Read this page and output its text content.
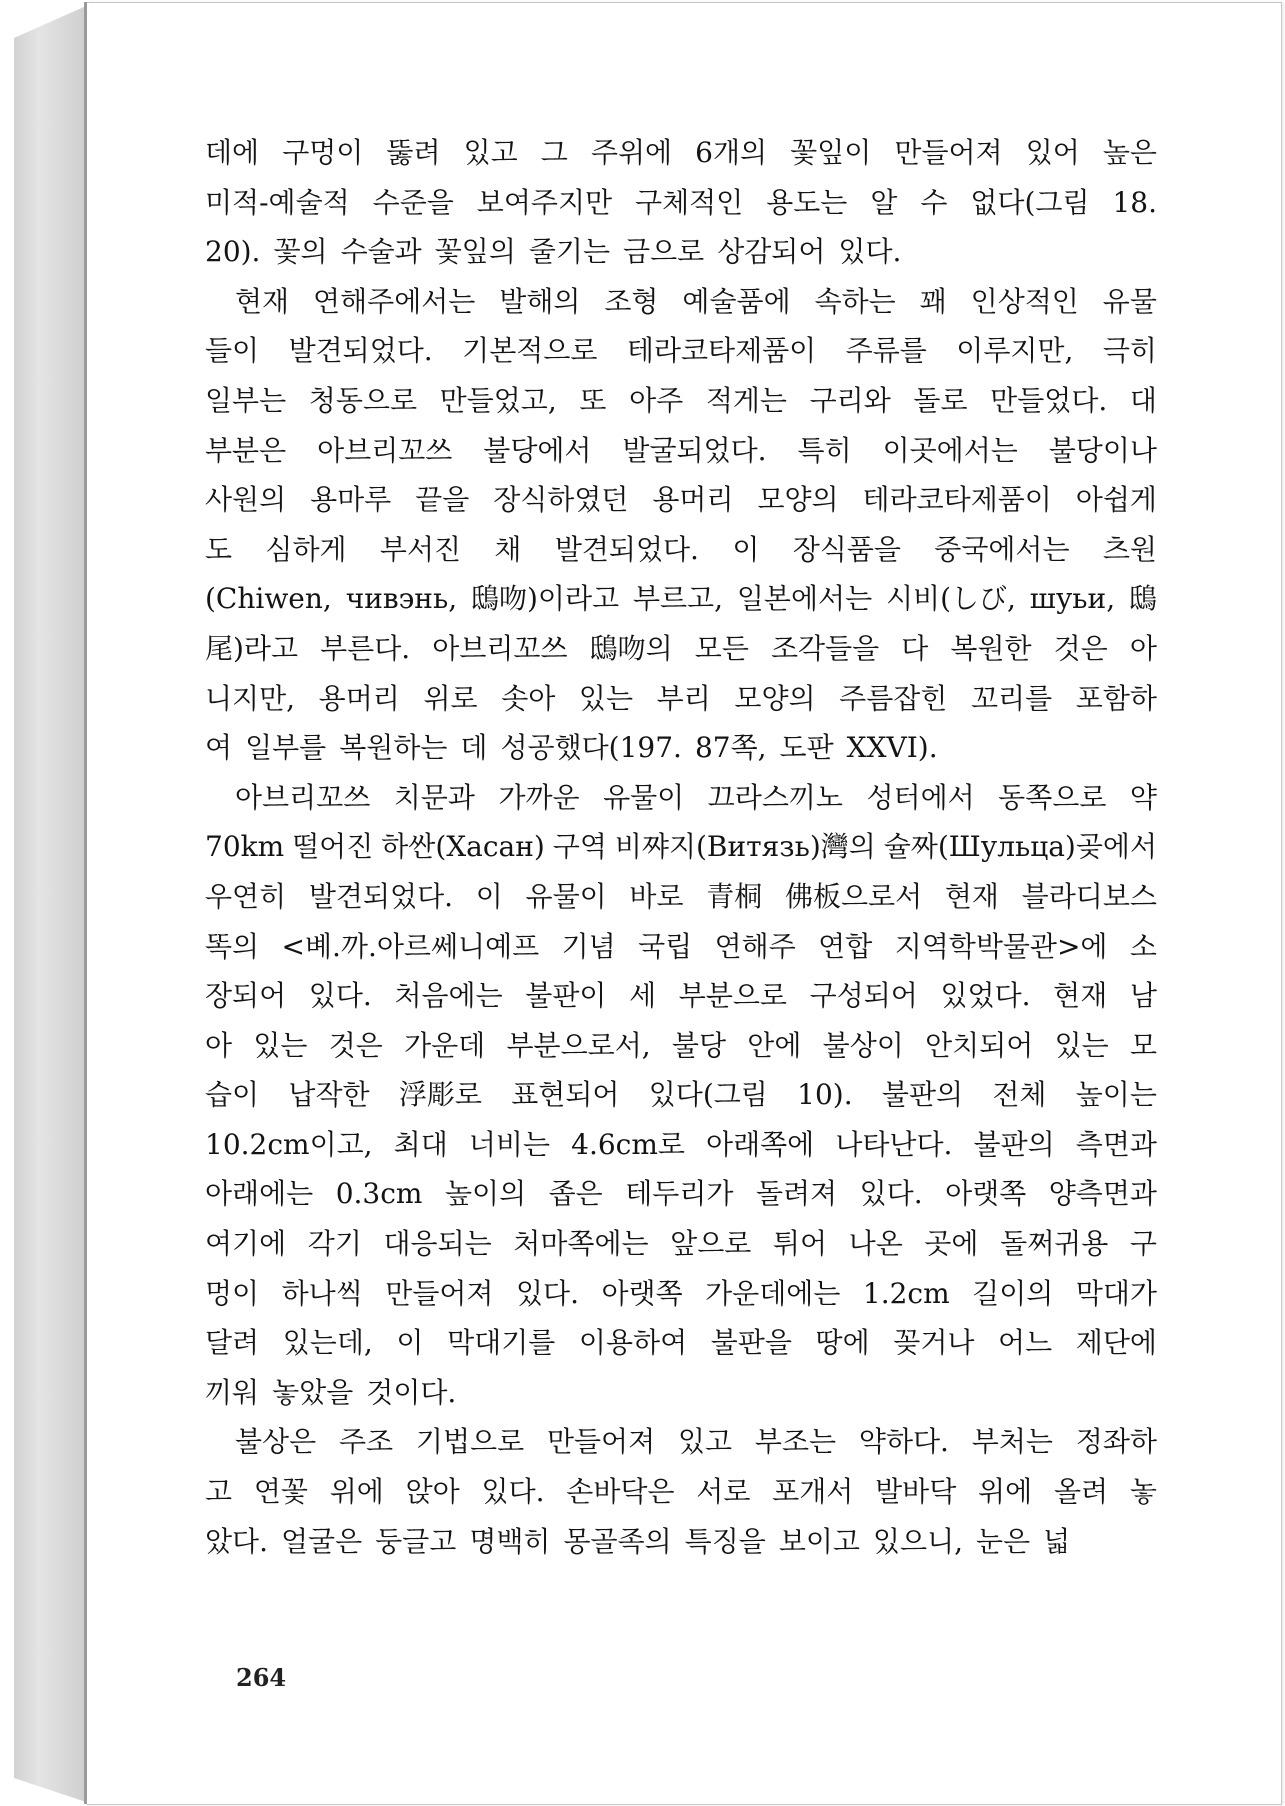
데에 구멍이 뚫려 있고 그 주위에 6개의 꽃잎이 만들어져 있어 높은
미적-예술적 수준을 보여주지만 구체적인 용도는 알 수 없다(그림 18.
20). 꽃의 수술과 꽃잎의 줄기는 금으로 상감되어 있다.
현재 연해주에서는 발해의 조형 예술품에 속하는 꽤 인상적인 유물
들이 발견되었다. 기본적으로 테라코타제품이 주류를 이루지만, 극히
일부는 청동으로 만들었고, 또 아주 적게는 구리와 돌로 만들었다. 대
부분은 아브리꼬쓰 불당에서 발굴되었다. 특히 이곳에서는 불당이나
사원의 용마루 끝을 장식하였던 용머리 모양의 테라코타제품이 아쉽게
도 심하게 부서진 채 발견되었다. 이 장식품을 중국에서는 츠원
(Chiwen, чивэнь, 鴟吻)이라고 부르고, 일본에서는 시비(しび, шуьи, 鴟
尾)라고 부른다. 아브리꼬쓰 鴟吻의 모든 조각들을 다 복원한 것은 아
니지만, 용머리 위로 솟아 있는 부리 모양의 주름잡힌 꼬리를 포함하
여 일부를 복원하는 데 성공했다(197. 87쪽, 도판 XXVI).
아브리꼬쓰 치문과 가까운 유물이 끄라스끼노 성터에서 동쪽으로 약
70km 떨어진 하싼(Хасан) 구역 비쨔지(Витязь)灣의 슐짜(Шульца)곶에서
우연히 발견되었다. 이 유물이 바로 青桐 佛板으로서 현재 블라디보스
똑의 <볘.까.아르쎄니예프 기념 국립 연해주 연합 지역학박물관>에 소
장되어 있다. 처음에는 불판이 세 부분으로 구성되어 있었다. 현재 남
아 있는 것은 가운데 부분으로서, 불당 안에 불상이 안치되어 있는 모
습이 납작한 浮彫로 표현되어 있다(그림 10). 불판의 전체 높이는
10.2cm이고, 최대 너비는 4.6cm로 아래쪽에 나타난다. 불판의 측면과
아래에는 0.3cm 높이의 좁은 테두리가 돌려져 있다. 아랫쪽 양측면과
여기에 각기 대응되는 처마쪽에는 앞으로 튀어 나온 곳에 돌쩌귀용 구
멍이 하나씩 만들어져 있다. 아랫쪽 가운데에는 1.2cm 길이의 막대가
달려 있는데, 이 막대기를 이용하여 불판을 땅에 꽂거나 어느 제단에
끼워 놓았을 것이다.
불상은 주조 기법으로 만들어져 있고 부조는 약하다. 부처는 정좌하
고 연꽃 위에 앉아 있다. 손바닥은 서로 포개서 발바닥 위에 올려 놓
았다. 얼굴은 둥글고 명백히 몽골족의 특징을 보이고 있으니, 눈은 넓
264
